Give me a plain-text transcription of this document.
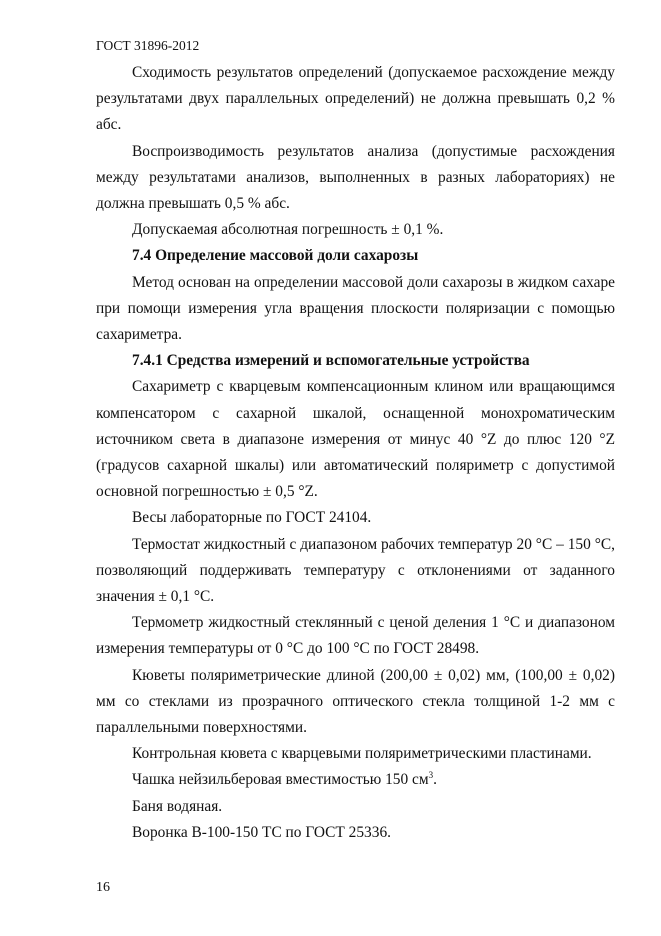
ГОСТ 31896-2012

Сходимость результатов определений (допускаемое расхождение между результатами двух параллельных определений) не должна превышать 0,2 % абс.

Воспроизводимость результатов анализа (допустимые расхождения между результатами анализов, выполненных в разных лабораториях) не должна превышать 0,5 % абс.

Допускаемая абсолютная погрешность ± 0,1 %.

7.4 Определение массовой доли сахарозы

Метод основан на определении массовой доли сахарозы в жидком сахаре при помощи измерения угла вращения плоскости поляризации с помощью сахариметра.

7.4.1 Средства измерений и вспомогательные устройства

Сахариметр с кварцевым компенсационным клином или вращающимся компенсатором с сахарной шкалой, оснащенной монохроматическим источником света в диапазоне измерения от минус 40 °Z до плюс 120 °Z (градусов сахарной шкалы) или автоматический поляриметр с допустимой основной погрешностью ± 0,5 °Z.

Весы лабораторные по ГОСТ 24104.

Термостат жидкостный с диапазоном рабочих температур 20 °С – 150 °С, позволяющий поддерживать температуру с отклонениями от заданного значения ± 0,1 °С.

Термометр жидкостный стеклянный с ценой деления 1 °С и диапазоном измерения температуры от 0 °С до 100 °С по ГОСТ 28498.

Кюветы поляриметрические длиной (200,00 ± 0,02) мм, (100,00 ± 0,02) мм со стеклами из прозрачного оптического стекла толщиной 1-2 мм с параллельными поверхностями.

Контрольная кювета с кварцевыми поляриметрическими пластинами.

Чашка нейзильберовая вместимостью 150 $см^3$.

Баня водяная.

Воронка В-100-150 ТС по ГОСТ 25336.

16
